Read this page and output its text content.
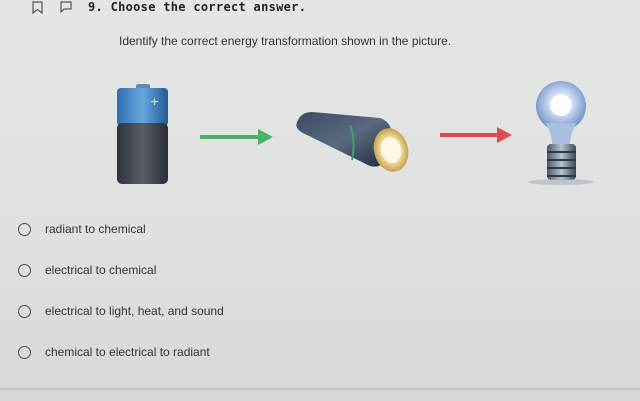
9. Choose the correct answer.
Identify the correct energy transformation shown in the picture.
+
radiant to chemical
electrical to chemical
electrical to light, heat, and sound
chemical to electrical to radiant
